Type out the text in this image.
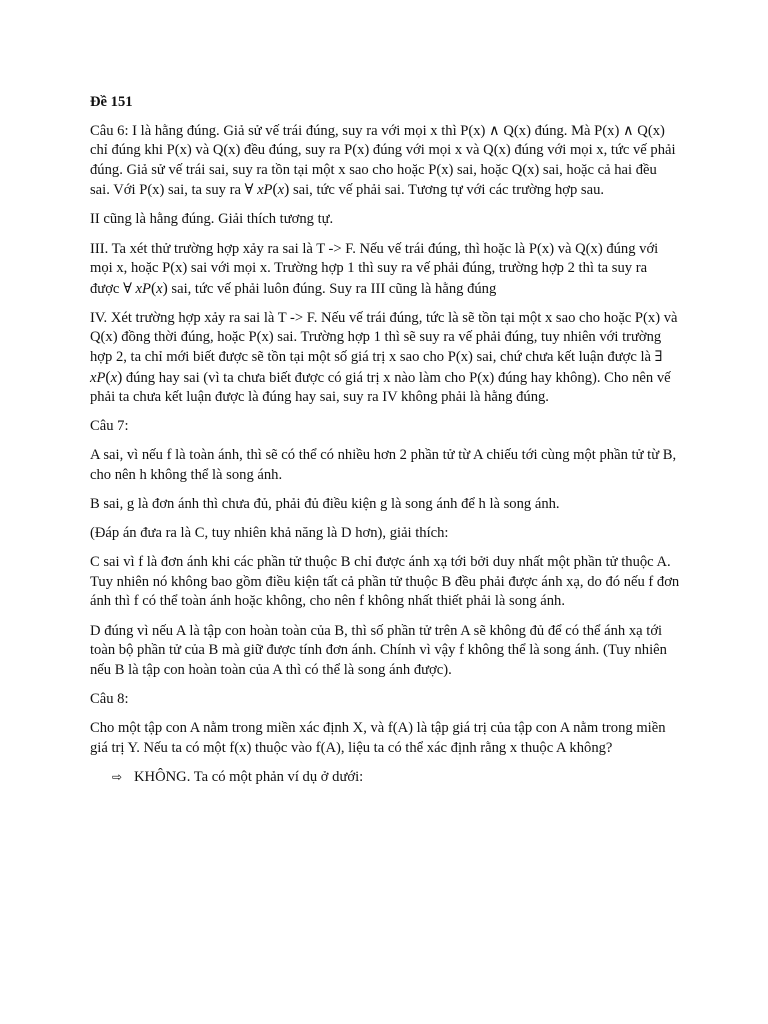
Đề 151

Câu 6: I là hằng đúng. Giả sử vế trái đúng, suy ra với mọi x thì P(x) ∧ Q(x) đúng. Mà P(x) ∧ Q(x) chỉ đúng khi P(x) và Q(x) đều đúng, suy ra P(x) đúng với mọi x và Q(x) đúng với mọi x, tức vế phải đúng. Giả sử vế trái sai, suy ra tồn tại một x sao cho hoặc P(x) sai, hoặc Q(x) sai, hoặc cả hai đều sai. Với P(x) sai, ta suy ra ∀ xP(x) sai, tức vế phải sai. Tương tự với các trường hợp sau.

II cũng là hằng đúng. Giải thích tương tự.

III. Ta xét thử trường hợp xảy ra sai là T -> F. Nếu vế trái đúng, thì hoặc là P(x) và Q(x) đúng với mọi x, hoặc P(x) sai với mọi x. Trường hợp 1 thì suy ra vế phải đúng, trường hợp 2 thì ta suy ra được ∀ xP(x) sai, tức vế phải luôn đúng. Suy ra III cũng là hằng đúng

IV. Xét trường hợp xảy ra sai là T -> F. Nếu vế trái đúng, tức là sẽ tồn tại một x sao cho hoặc P(x) và Q(x) đồng thời đúng, hoặc P(x) sai. Trường hợp 1 thì sẽ suy ra vế phải đúng, tuy nhiên với trường hợp 2, ta chỉ mới biết được sẽ tồn tại một số giá trị x sao cho P(x) sai, chứ chưa kết luận được là ∃ xP(x) đúng hay sai (vì ta chưa biết được có giá trị x nào làm cho P(x) đúng hay không). Cho nên vế phải ta chưa kết luận được là đúng hay sai, suy ra IV không phải là hằng đúng.

Câu 7:

A sai, vì nếu f là toàn ánh, thì sẽ có thể có nhiều hơn 2 phần tử từ A chiếu tới cùng một phần tử từ B, cho nên h không thể là song ánh.

B sai, g là đơn ánh thì chưa đủ, phải đủ điều kiện g là song ánh để h là song ánh.

(Đáp án đưa ra là C, tuy nhiên khả năng là D hơn), giải thích:

C sai vì f là đơn ánh khi các phần tử thuộc B chỉ được ánh xạ tới bởi duy nhất một phần tử thuộc A. Tuy nhiên nó không bao gồm điều kiện tất cả phần tử thuộc B đều phải được ánh xạ, do đó nếu f đơn ánh thì f có thể toàn ánh hoặc không, cho nên f không nhất thiết phải là song ánh.

D đúng vì nếu A là tập con hoàn toàn của B, thì số phần tử trên A sẽ không đủ để có thể ánh xạ tới toàn bộ phần tử của B mà giữ được tính đơn ánh. Chính vì vậy f không thể là song ánh. (Tuy nhiên nếu B là tập con hoàn toàn của A thì có thể là song ánh được).

Câu 8:

Cho một tập con A nằm trong miền xác định X, và f(A) là tập giá trị của tập con A nằm trong miền giá trị Y. Nếu ta có một f(x) thuộc vào f(A), liệu ta có thể xác định rằng x thuộc A không?

⇨ KHÔNG. Ta có một phản ví dụ ở dưới:
